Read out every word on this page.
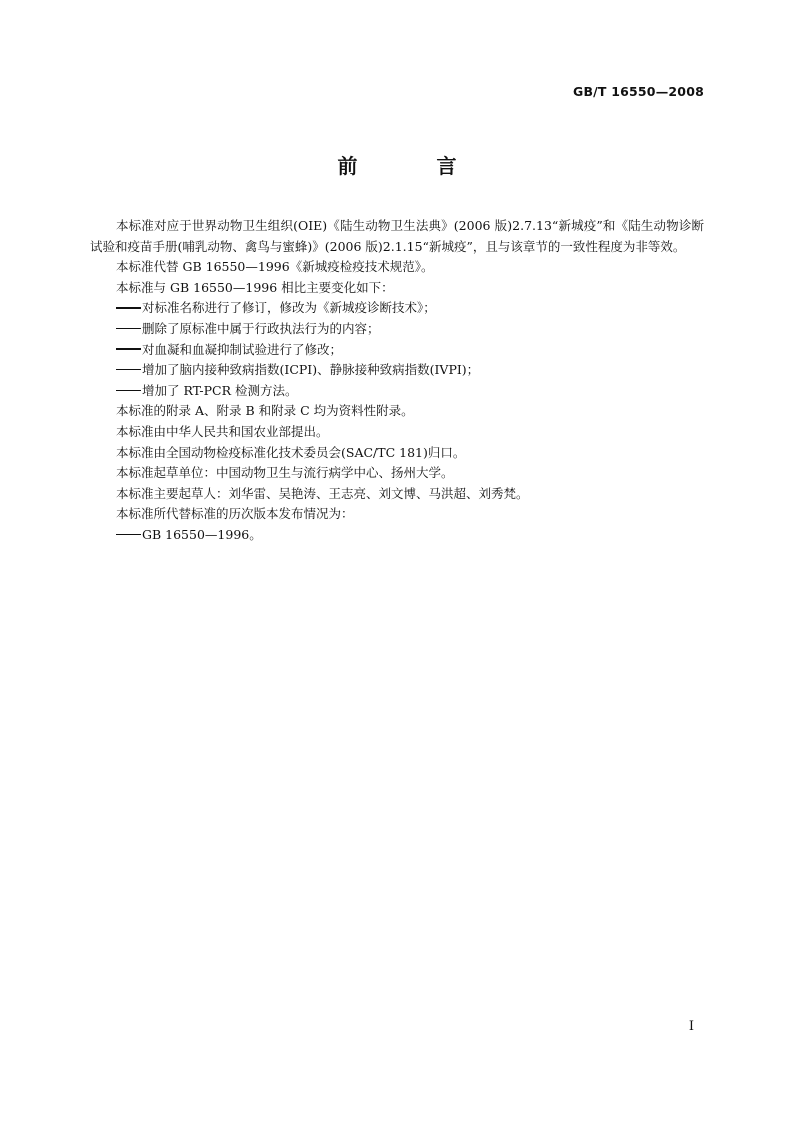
GB/T 16550—2008
前 言

本标准对应于世界动物卫生组织(OIE)《陆生动物卫生法典》(2006 版)2.7.13“新城疫”和《陆生动物诊断试验和疫苗手册(哺乳动物、禽鸟与蜜蜂)》(2006 版)2.1.15“新城疫”，且与该章节的一致性程度为非等效。

本标准代替 GB 16550—1996《新城疫检疫技术规范》。

本标准与 GB 16550—1996 相比主要变化如下：

对标准名称进行了修订，修改为《新城疫诊断技术》；

删除了原标准中属于行政执法行为的内容；

对血凝和血凝抑制试验进行了修改；

增加了脑内接种致病指数(ICPI)、静脉接种致病指数(IVPI)；

增加了 RT-PCR 检测方法。

本标准的附录 A、附录 B 和附录 C 均为资料性附录。

本标准由中华人民共和国农业部提出。

本标准由全国动物检疫标准化技术委员会(SAC/TC 181)归口。

本标准起草单位：中国动物卫生与流行病学中心、扬州大学。

本标准主要起草人：刘华雷、吴艳涛、王志亮、刘文博、马洪超、刘秀梵。

本标准所代替标准的历次版本发布情况为：

GB 16550—1996。

I
